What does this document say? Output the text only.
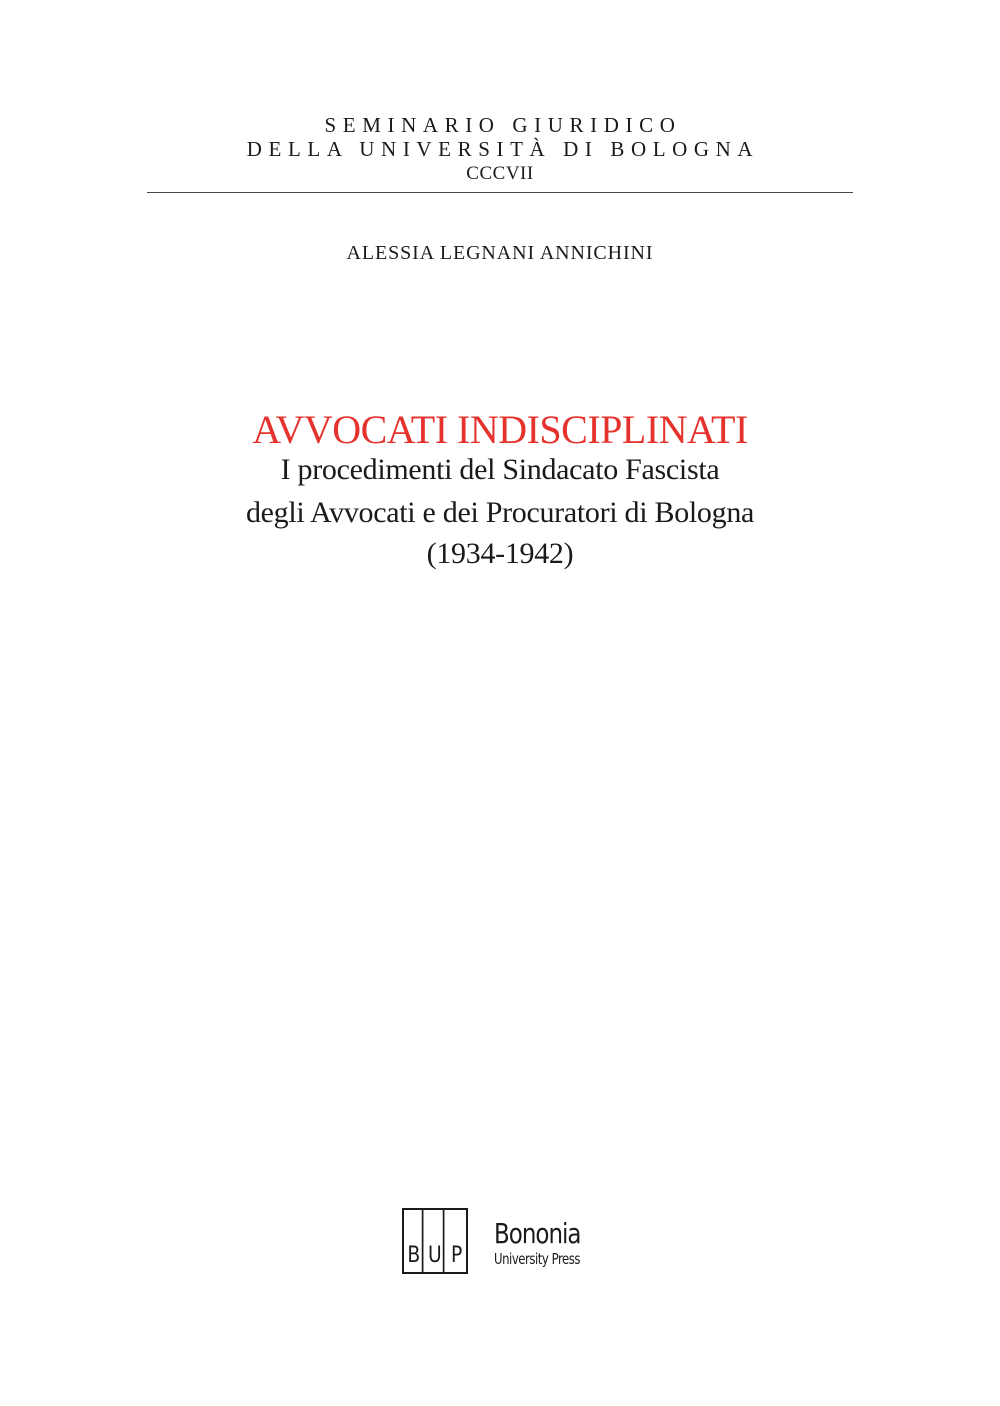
SEMINARIO GIURIDICO
DELLA UNIVERSITÀ DI BOLOGNA
CCCVII
ALESSIA LEGNANI ANNICHINI
AVVOCATI INDISCIPLINATI
I procedimenti del Sindacato Fascista
degli Avvocati e dei Procuratori di Bologna
(1934-1942)
B U P
Bononia
University Press
